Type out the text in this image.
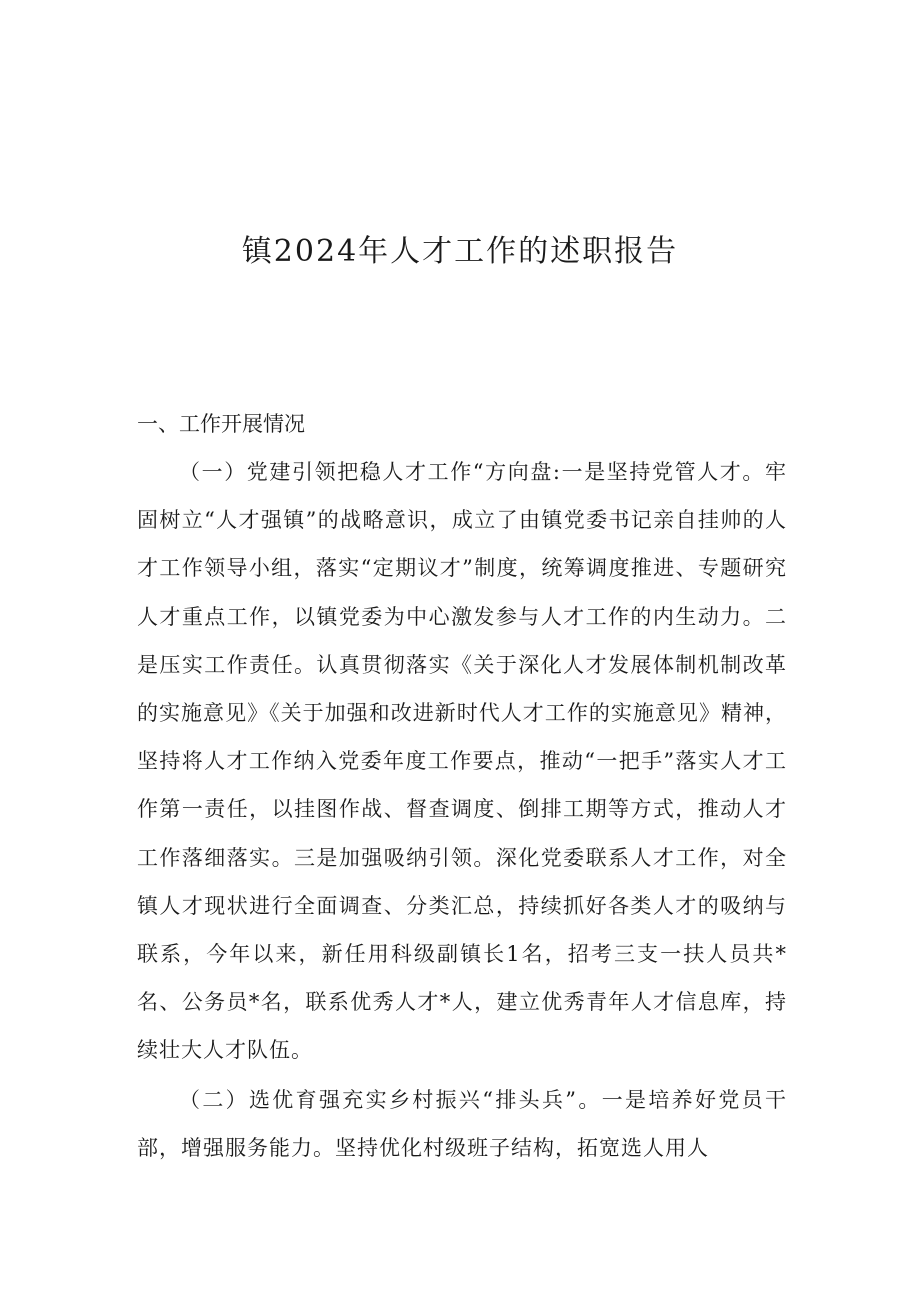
镇2024年人才工作的述职报告
一、工作开展情况

（一）党建引领把稳人才工作“方向盘:一是坚持党管人才。牢固树立“人才强镇”的战略意识，成立了由镇党委书记亲自挂帅的人才工作领导小组，落实“定期议才”制度，统筹调度推进、专题研究人才重点工作，以镇党委为中心激发参与人才工作的内生动力。二是压实工作责任。认真贯彻落实《关于深化人才发展体制机制改革的实施意见》《关于加强和改进新时代人才工作的实施意见》精神，坚持将人才工作纳入党委年度工作要点，推动“一把手”落实人才工作第一责任，以挂图作战、督查调度、倒排工期等方式，推动人才工作落细落实。三是加强吸纳引领。深化党委联系人才工作，对全镇人才现状进行全面调查、分类汇总，持续抓好各类人才的吸纳与联系，今年以来，新任用科级副镇长1名，招考三支一扶人员共*名、公务员*名，联系优秀人才*人，建立优秀青年人才信息库，持续壮大人才队伍。

（二）选优育强充实乡村振兴“排头兵”。一是培养好党员干部，增强服务能力。坚持优化村级班子结构，拓宽选人用人
